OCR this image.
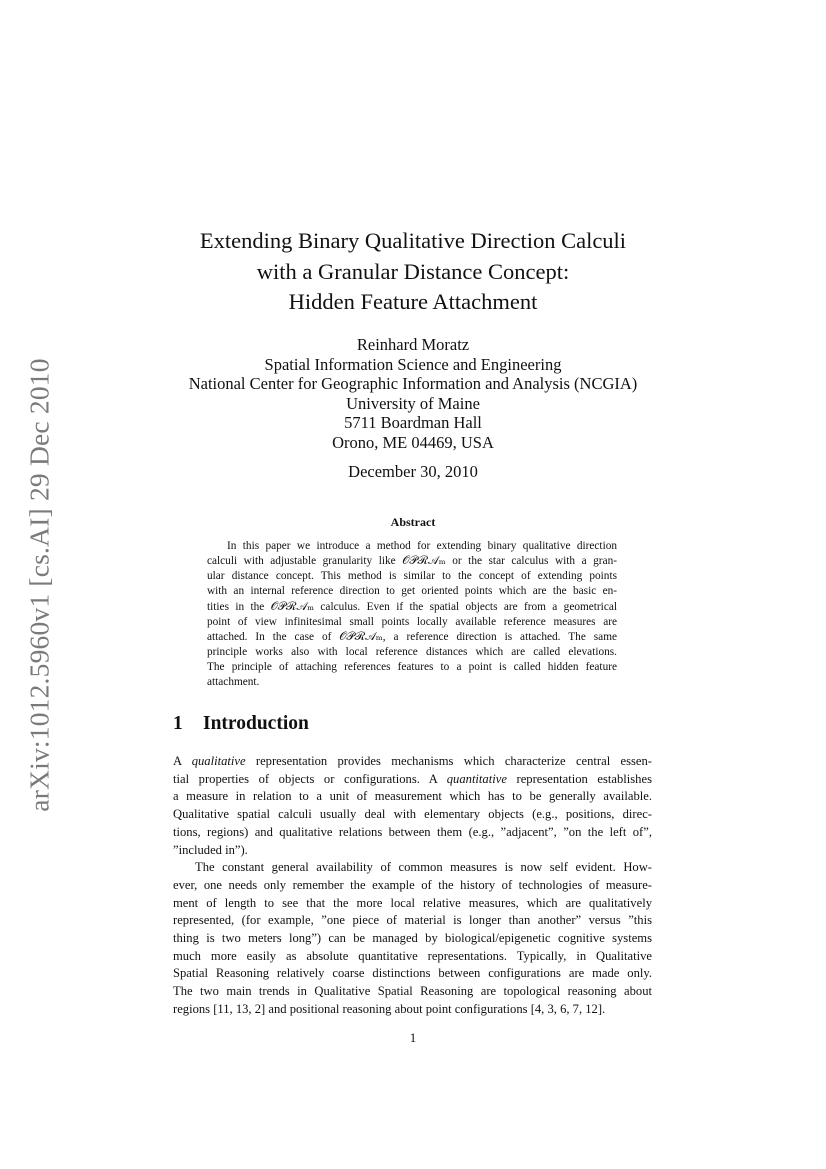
arXiv:1012.5960v1 [cs.AI] 29 Dec 2010
Extending Binary Qualitative Direction Calculi
with a Granular Distance Concept:
Hidden Feature Attachment
Reinhard Moratz
Spatial Information Science and Engineering
National Center for Geographic Information and Analysis (NCGIA)
University of Maine
5711 Boardman Hall
Orono, ME 04469, USA
December 30, 2010
Abstract
In this paper we introduce a method for extending binary qualitative direction
calculi with adjustable granularity like 𝒪𝒫ℛ𝒜ₘ or the star calculus with a gran-
ular distance concept. This method is similar to the concept of extending points
with an internal reference direction to get oriented points which are the basic en-
tities in the 𝒪𝒫ℛ𝒜ₘ calculus. Even if the spatial objects are from a geometrical
point of view infinitesimal small points locally available reference measures are
attached. In the case of 𝒪𝒫ℛ𝒜ₘ, a reference direction is attached. The same
principle works also with local reference distances which are called elevations.
The principle of attaching references features to a point is called hidden feature
attachment.
1 Introduction
A qualitative representation provides mechanisms which characterize central essen-
tial properties of objects or configurations. A quantitative representation establishes
a measure in relation to a unit of measurement which has to be generally available.
Qualitative spatial calculi usually deal with elementary objects (e.g., positions, direc-
tions, regions) and qualitative relations between them (e.g., ”adjacent”, ”on the left of”,
”included in”).
The constant general availability of common measures is now self evident. How-
ever, one needs only remember the example of the history of technologies of measure-
ment of length to see that the more local relative measures, which are qualitatively
represented, (for example, ”one piece of material is longer than another” versus ”this
thing is two meters long”) can be managed by biological/epigenetic cognitive systems
much more easily as absolute quantitative representations. Typically, in Qualitative
Spatial Reasoning relatively coarse distinctions between configurations are made only.
The two main trends in Qualitative Spatial Reasoning are topological reasoning about
regions [11, 13, 2] and positional reasoning about point configurations [4, 3, 6, 7, 12].
1
